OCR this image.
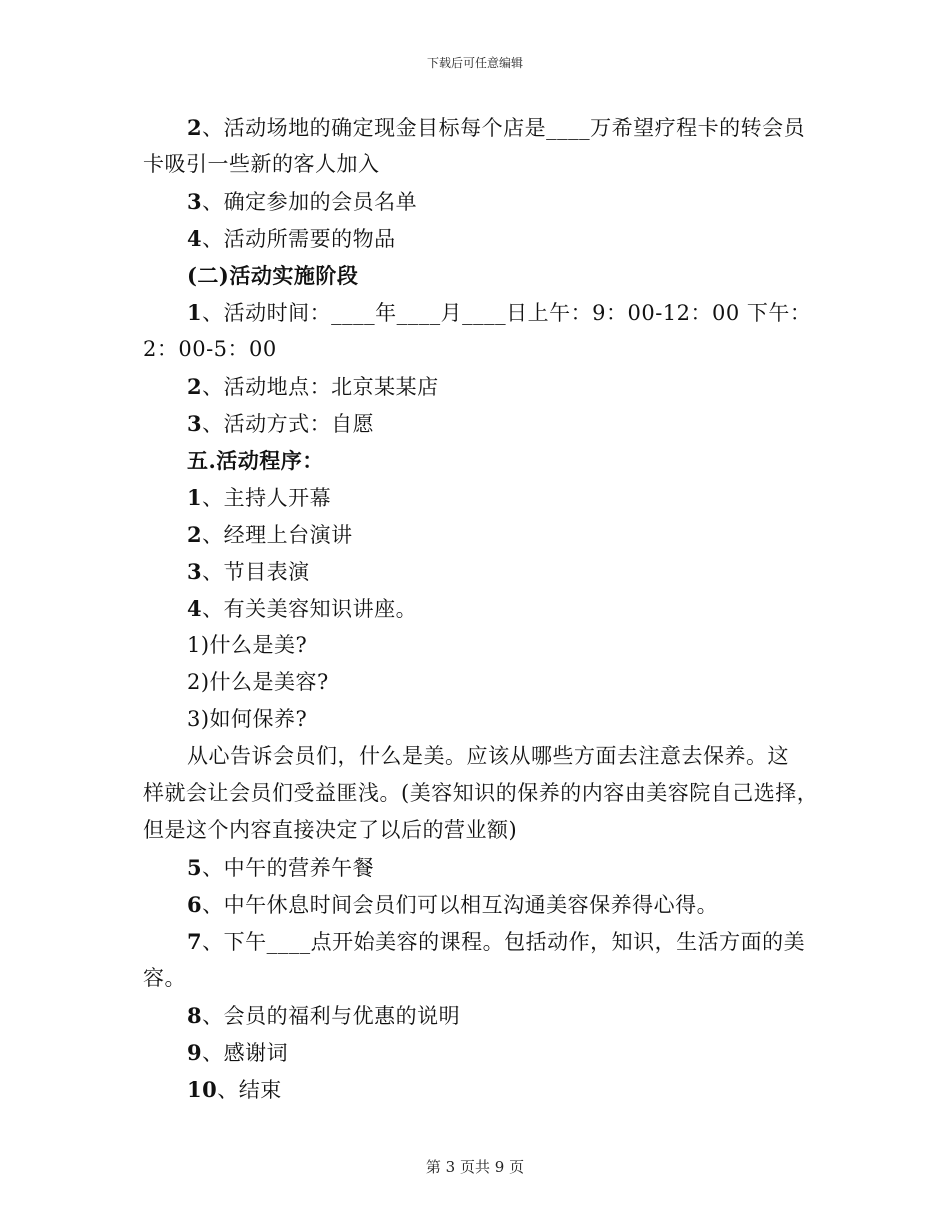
下载后可任意编辑
2、活动场地的确定现金目标每个店是____万希望疗程卡的转会员
卡吸引一些新的客人加入
3、确定参加的会员名单
4、活动所需要的物品
(二)活动实施阶段
1、活动时间：____年____月____日上午：9：00-12：00 下午：
2：00-5：00
2、活动地点：北京某某店
3、活动方式：自愿
五.活动程序：
1、主持人开幕
2、经理上台演讲
3、节目表演
4、有关美容知识讲座。
1)什么是美?
2)什么是美容?
3)如何保养?
从心告诉会员们，什么是美。应该从哪些方面去注意去保养。这
样就会让会员们受益匪浅。(美容知识的保养的内容由美容院自己选择，
但是这个内容直接决定了以后的营业额)
5、中午的营养午餐
6、中午休息时间会员们可以相互沟通美容保养得心得。
7、下午____点开始美容的课程。包括动作，知识，生活方面的美
容。
8、会员的福利与优惠的说明
9、感谢词
10、结束
第 3 页共 9 页
